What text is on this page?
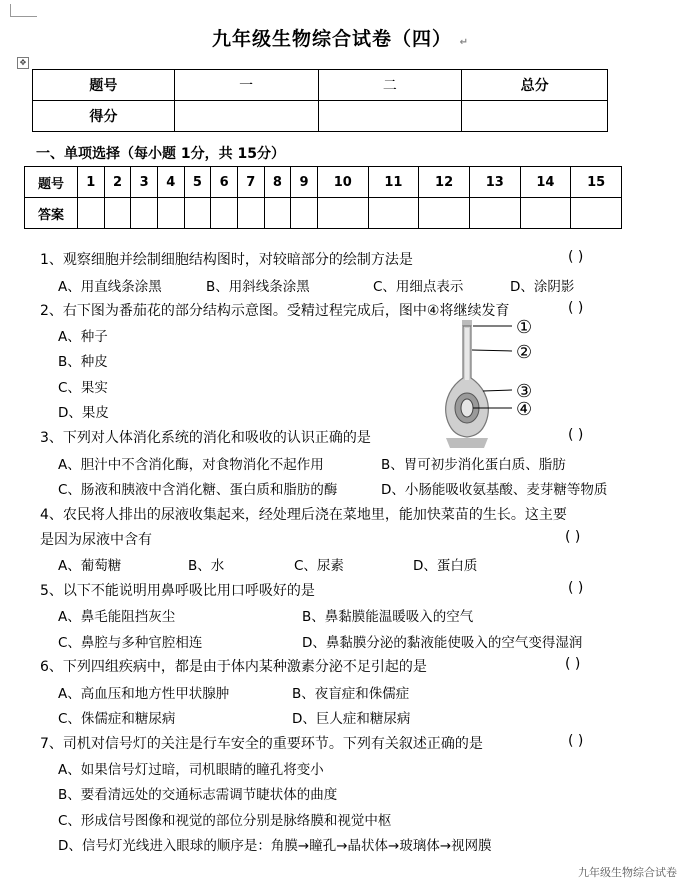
✥
九年级生物综合试卷（四） ↵
题号	一	二	总分
得分			
一、单项选择（每小题 1分，共 15分）
题号	1	2	3	4	5	6	7	8	9	10	11	12	13	14	15
答案															
1、观察细胞并绘制细胞结构图时，对较暗部分的绘制方法是	( )
A、用直线条涂黑	B、用斜线条涂黑	C、用细点表示	D、涂阴影
2、右下图为番茄花的部分结构示意图。受精过程完成后，图中④将继续发育	( )
A、种子
B、种皮
C、果实
D、果皮
①
②
③
④
3、下列对人体消化系统的消化和吸收的认识正确的是	( )
A、胆汁中不含消化酶，对食物消化不起作用	B、胃可初步消化蛋白质、脂肪
C、肠液和胰液中含消化糖、蛋白质和脂肪的酶	D、小肠能吸收氨基酸、麦芽糖等物质
4、农民将人排出的尿液收集起来，经处理后浇在菜地里，能加快菜苗的生长。这主要
是因为尿液中含有	( )
A、葡萄糖	B、水	C、尿素	D、蛋白质
5、以下不能说明用鼻呼吸比用口呼吸好的是	( )
A、鼻毛能阻挡灰尘	B、鼻黏膜能温暖吸入的空气
C、鼻腔与多种官腔相连	D、鼻黏膜分泌的黏液能使吸入的空气变得湿润
6、下列四组疾病中，都是由于体内某种激素分泌不足引起的是	( )
A、高血压和地方性甲状腺肿	B、夜盲症和侏儒症
C、侏儒症和糖尿病	D、巨人症和糖尿病
7、司机对信号灯的关注是行车安全的重要环节。下列有关叙述正确的是	( )
A、如果信号灯过暗，司机眼睛的瞳孔将变小
B、要看清远处的交通标志需调节睫状体的曲度
C、形成信号图像和视觉的部位分别是脉络膜和视觉中枢
D、信号灯光线进入眼球的顺序是：角膜→瞳孔→晶状体→玻璃体→视网膜
九年级生物综合试卷
